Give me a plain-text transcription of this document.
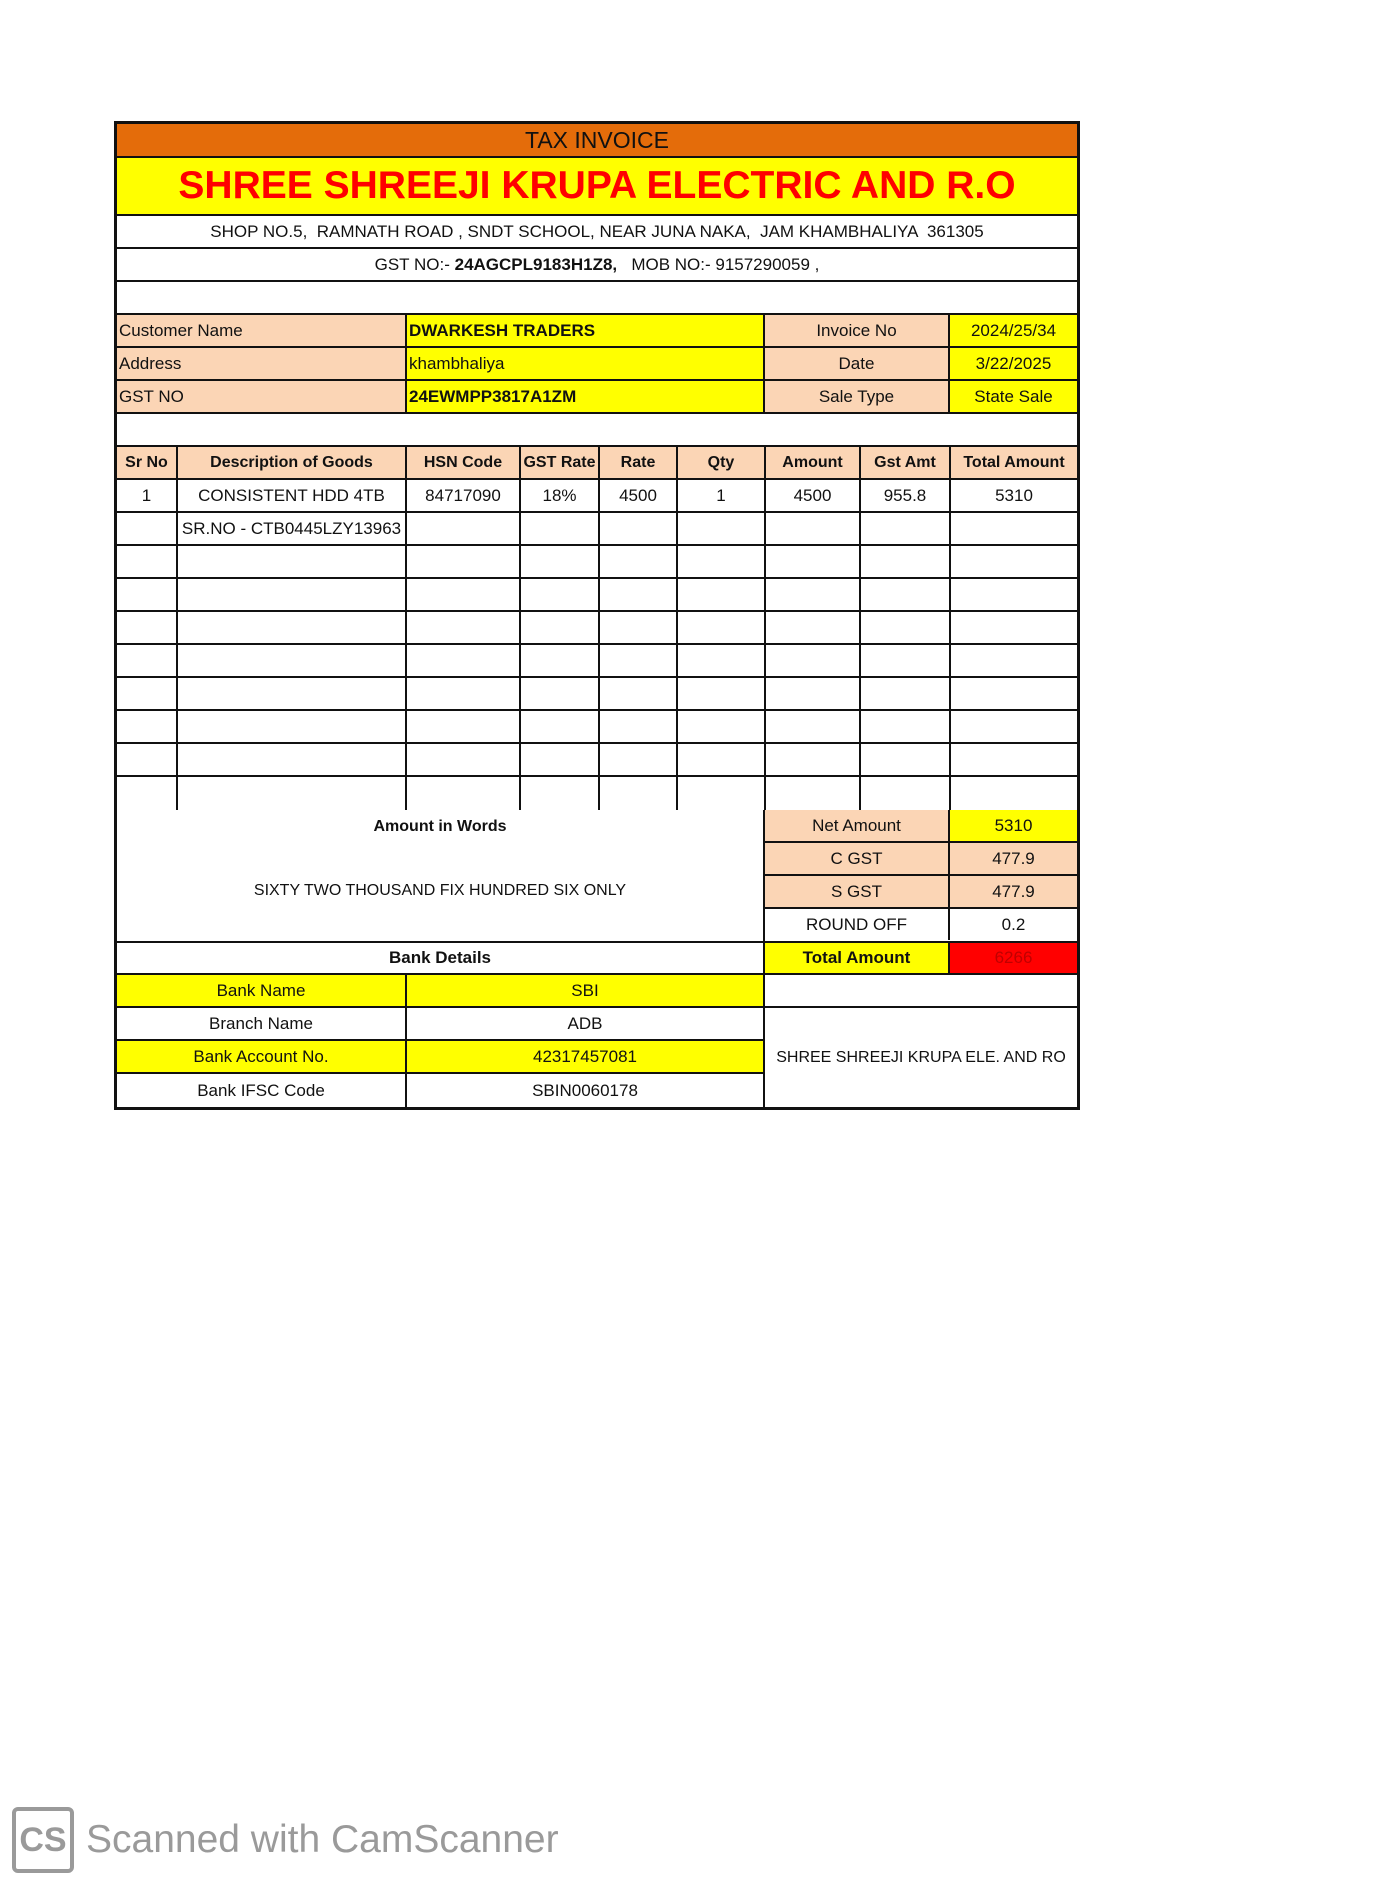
TAX INVOICE
SHREE SHREEJI KRUPA ELECTRIC AND R.O
SHOP NO.5,  RAMNATH ROAD , SNDT SCHOOL, NEAR JUNA NAKA,  JAM KHAMBHALIYA  361305
GST NO:- 24AGCPL9183H1Z8,
MOB NO:- 9157290059 ,
Customer Name	DWARKESH TRADERS	Invoice No	2024/25/34
Address	khambhaliya	Date	3/22/2025
GST NO	24EWMPP3817A1ZM	Sale Type	State Sale
Sr No	Description of Goods	HSN Code	GST Rate	Rate	Qty	Amount	Gst Amt	Total Amount
1	CONSISTENT HDD 4TB	84717090	18%	4500	1	4500	955.8	5310
SR.NO - CTB0445LZY13963
Amount in Words
SIXTY TWO THOUSAND FIX HUNDRED SIX ONLY
Net Amount	5310
C GST	477.9
S GST	477.9
ROUND OFF	0.2
Bank Details	Total Amount	6266
Bank Name	SBI
Branch Name	ADB
Bank Account No.	42317457081
Bank IFSC Code	SBIN0060178
SHREE SHREEJI KRUPA ELE. AND RO
CS Scanned with CamScanner
